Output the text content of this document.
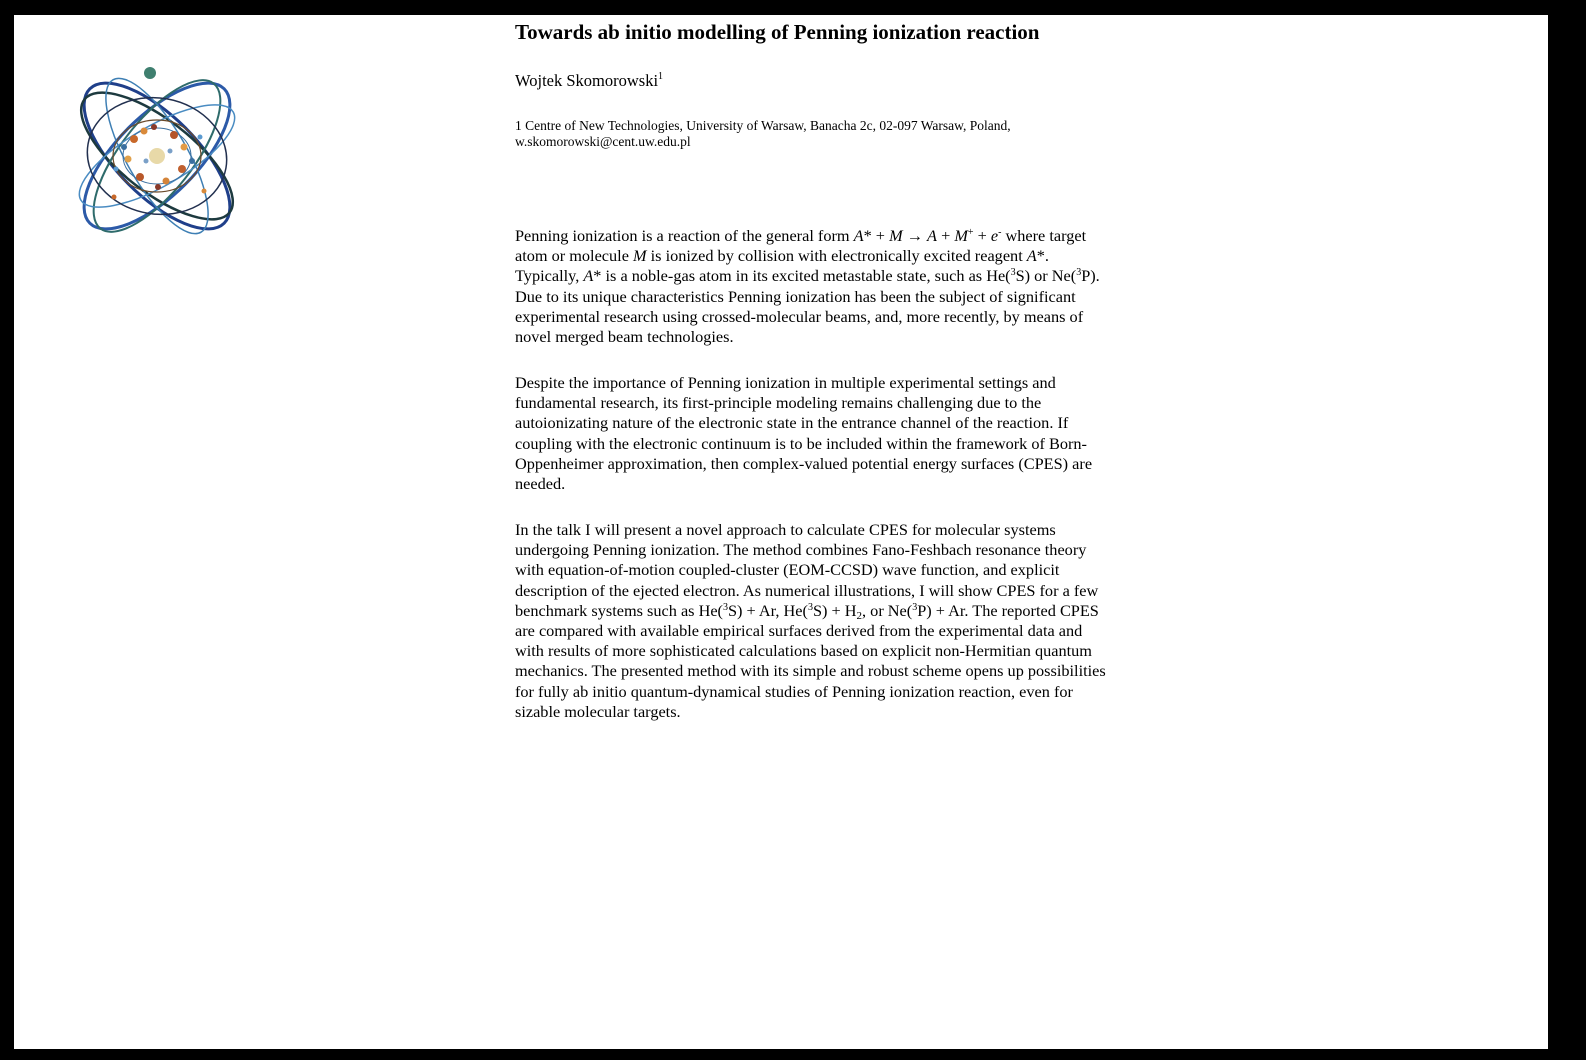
Towards ab initio modelling of Penning ionization reaction
Wojtek Skomorowski$^1$
1 Centre of New Technologies, University of Warsaw, Banacha 2c, 02-097 Warsaw, Poland,
w.skomorowski@cent.uw.edu.pl

Penning ionization is a reaction of the general form A* + M → A + M+ + e- where target atom or molecule M is ionized by collision with electronically excited reagent A*. Typically, A* is a noble-gas atom in its excited metastable state, such as He($^3$S) or Ne($^3$P). Due to its unique characteristics Penning ionization has been the subject of significant experimental research using crossed-molecular beams, and, more recently, by means of novel merged beam technologies.

Despite the importance of Penning ionization in multiple experimental settings and fundamental research, its first-principle modeling remains challenging due to the autoionizating nature of the electronic state in the entrance channel of the reaction. If coupling with the electronic continuum is to be included within the framework of Born-Oppenheimer approximation, then complex-valued potential energy surfaces (CPES) are needed.

In the talk I will present a novel approach to calculate CPES for molecular systems undergoing Penning ionization. The method combines Fano-Feshbach resonance theory with equation-of-motion coupled-cluster (EOM-CCSD) wave function, and explicit description of the ejected electron. As numerical illustrations, I will show CPES for a few benchmark systems such as He($^3$S) + Ar, $He(^3S) + H_2$, or Ne($^3$P) + Ar. The reported CPES are compared with available empirical surfaces derived from the experimental data and with results of more sophisticated calculations based on explicit non-Hermitian quantum mechanics. The presented method with its simple and robust scheme opens up possibilities for fully ab initio quantum-dynamical studies of Penning ionization reaction, even for sizable molecular targets.
